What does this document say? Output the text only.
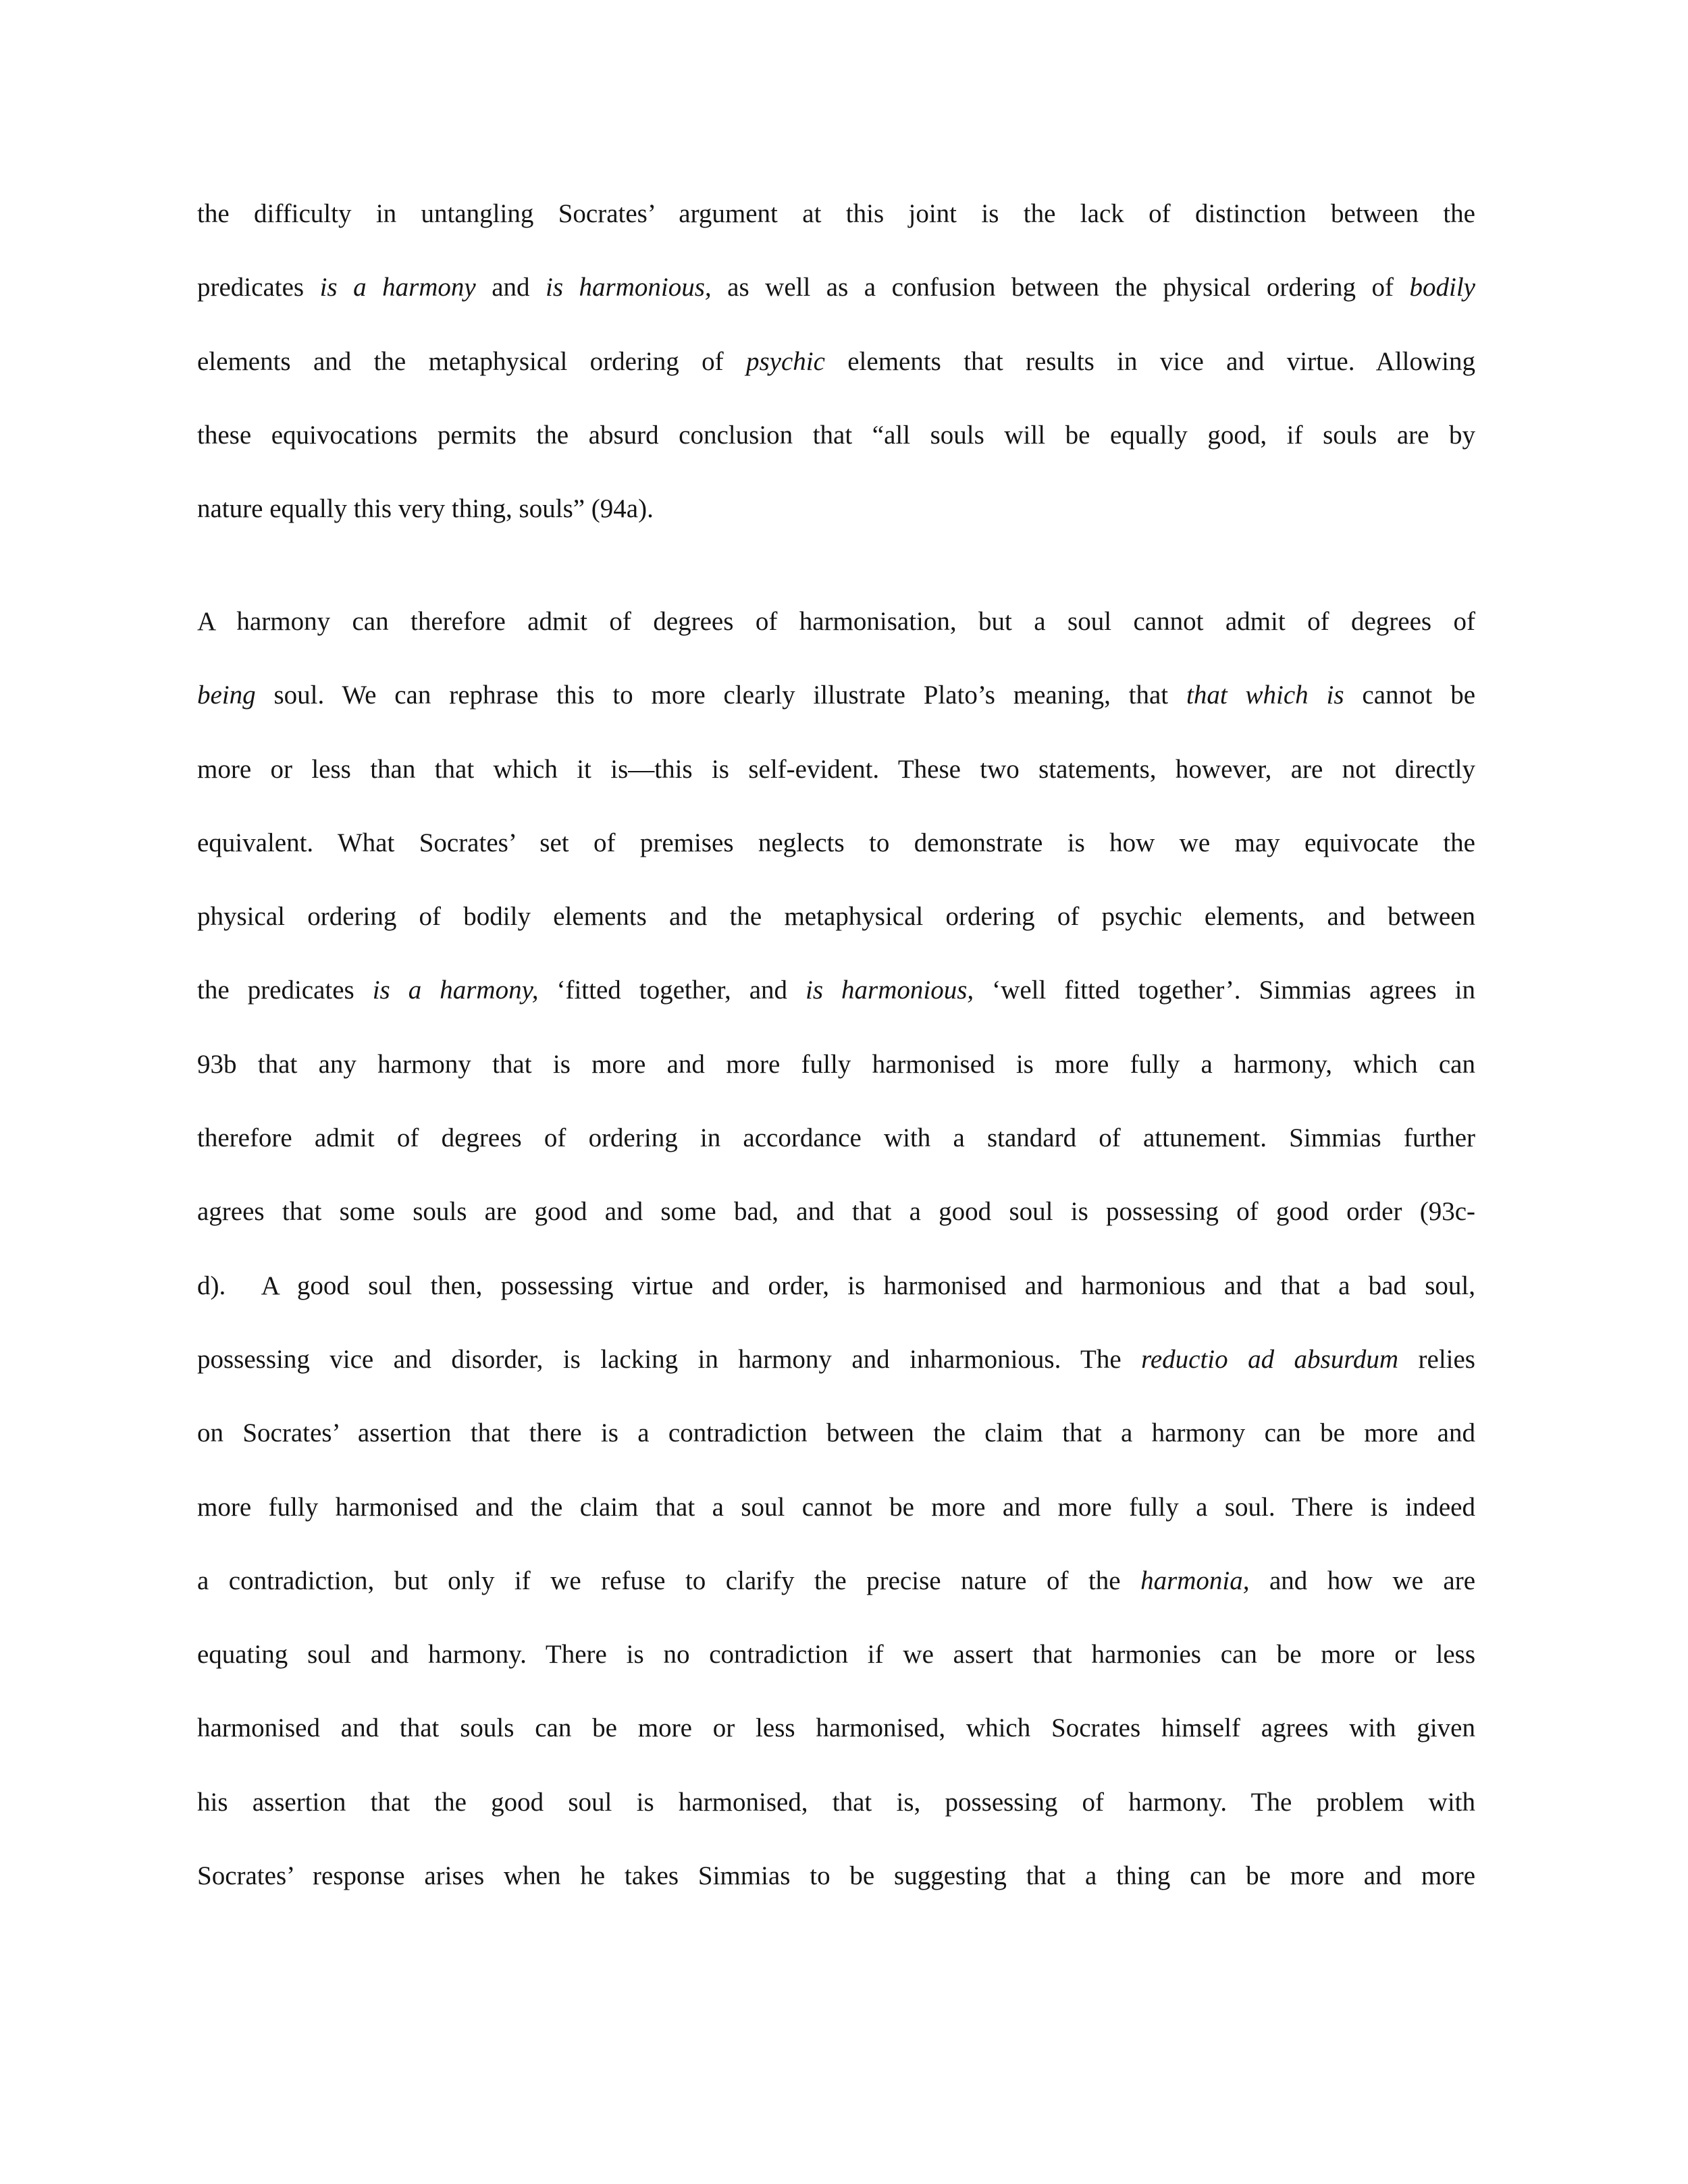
the difficulty in untangling Socrates’ argument at this joint is the lack of distinction between the
predicates is a harmony and is harmonious, as well as a confusion between the physical ordering of bodily
elements and the metaphysical ordering of psychic elements that results in vice and virtue. Allowing
these equivocations permits the absurd conclusion that “all souls will be equally good, if souls are by
nature equally this very thing, souls” (94a).
A harmony can therefore admit of degrees of harmonisation, but a soul cannot admit of degrees of
being soul. We can rephrase this to more clearly illustrate Plato’s meaning, that that which is cannot be
more or less than that which it is—this is self-evident. These two statements, however, are not directly
equivalent. What Socrates’ set of premises neglects to demonstrate is how we may equivocate the
physical ordering of bodily elements and the metaphysical ordering of psychic elements, and between
the predicates is a harmony, ‘fitted together, and is harmonious, ‘well fitted together’. Simmias agrees in
93b that any harmony that is more and more fully harmonised is more fully a harmony, which can
therefore admit of degrees of ordering in accordance with a standard of attunement. Simmias further
agrees that some souls are good and some bad, and that a good soul is possessing of good order (93c-
d).  A good soul then, possessing virtue and order, is harmonised and harmonious and that a bad soul,
possessing vice and disorder, is lacking in harmony and inharmonious. The reductio ad absurdum relies
on Socrates’ assertion that there is a contradiction between the claim that a harmony can be more and
more fully harmonised and the claim that a soul cannot be more and more fully a soul. There is indeed
a contradiction, but only if we refuse to clarify the precise nature of the harmonia, and how we are
equating soul and harmony. There is no contradiction if we assert that harmonies can be more or less
harmonised and that souls can be more or less harmonised, which Socrates himself agrees with given
his assertion that the good soul is harmonised, that is, possessing of harmony. The problem with
Socrates’ response arises when he takes Simmias to be suggesting that a thing can be more and more
